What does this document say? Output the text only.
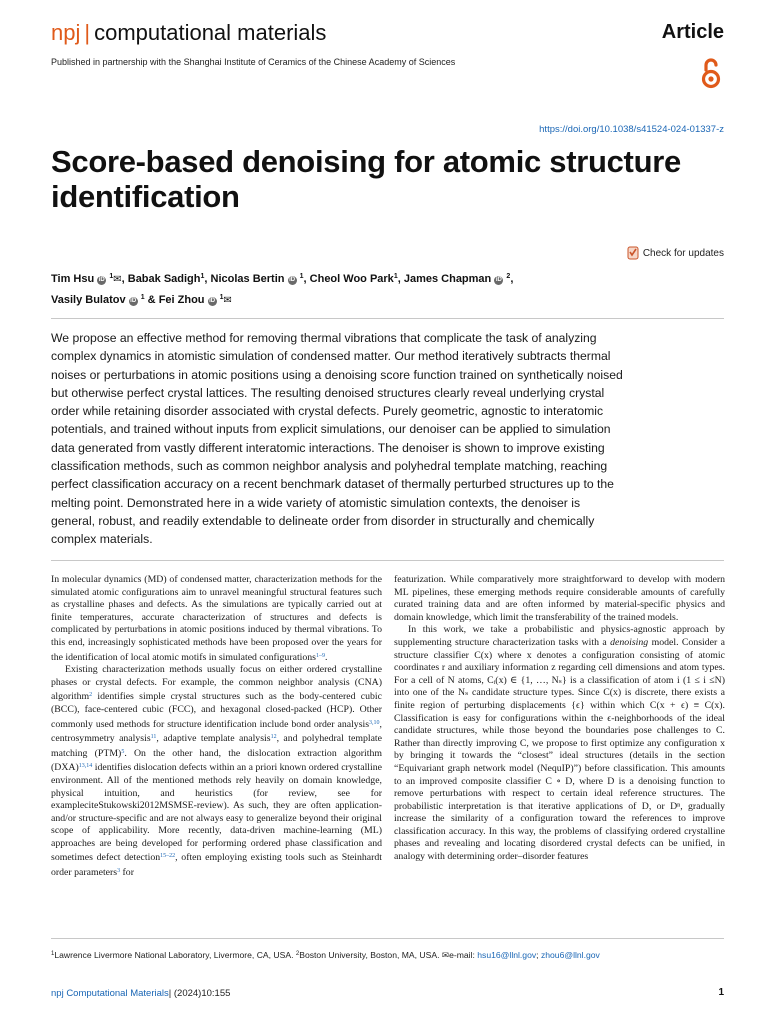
npj | computational materials	Article
Published in partnership with the Shanghai Institute of Ceramics of the Chinese Academy of Sciences
https://doi.org/10.1038/s41524-024-01337-z
Score-based denoising for atomic structure identification
Check for updates
Tim Hsu iD $^1$✉, Babak Sadigh$^1$, Nicolas Bertin iD $^1$, Cheol Woo Park$^1$, James Chapman iD $^2$,
Vasily Bulatov iD $^1$ & Fei Zhou iD $^1$✉
We propose an effective method for removing thermal vibrations that complicate the task of analyzing complex dynamics in atomistic simulation of condensed matter. Our method iteratively subtracts thermal noises or perturbations in atomic positions using a denoising score function trained on synthetically noised but otherwise perfect crystal lattices. The resulting denoised structures clearly reveal underlying crystal order while retaining disorder associated with crystal defects. Purely geometric, agnostic to interatomic potentials, and trained without inputs from explicit simulations, our denoiser can be applied to simulation data generated from vastly different interatomic interactions. The denoiser is shown to improve existing classification methods, such as common neighbor analysis and polyhedral template matching, reaching perfect classification accuracy on a recent benchmark dataset of thermally perturbed structures up to the melting point. Demonstrated here in a wide variety of atomistic simulation contexts, the denoiser is general, robust, and readily extendable to delineate order from disorder in structurally and chemically complex materials.

In molecular dynamics (MD) of condensed matter, characterization methods for the simulated atomic configurations aim to unravel meaningful structural features such as crystalline phases and defects. As the simulations are typically carried out at finite temperatures, accurate characterization of structures and defects is complicated by perturbations in atomic positions induced by thermal vibrations. To this end, increasingly sophisticated methods have been proposed over the years for the identification of local atomic motifs in simulated configurations$^{1-9}$.

Existing characterization methods usually focus on either ordered crystalline phases or crystal defects. For example, the common neighbor analysis (CNA) algorithm$^2$ identifies simple crystal structures such as the body-centered cubic (BCC), face-centered cubic (FCC), and hexagonal closed-packed (HCP). Other commonly used methods for structure identification include bond order analysis$^{3,10}$, centrosymmetry analysis$^{11}$, adaptive template analysis$^{12}$, and polyhedral template matching (PTM)$^5$. On the other hand, the dislocation extraction algorithm (DXA)$^{13,14}$ identifies dislocation defects within an a priori known ordered crystalline environment. All of the mentioned methods rely heavily on domain knowledge, physical intuition, and heuristics (for review, see for exampleciteStukowski2012MSMSE-review). As such, they are often application- and/or structure-specific and are not always easy to generalize beyond their original scope of applicability. More recently, data-driven machine-learning (ML) approaches are being developed for performing ordered phase classification and sometimes defect detection$^{15-22}$, often employing existing tools such as Steinhardt order parameters$^3$ for

featurization. While comparatively more straightforward to develop with modern ML pipelines, these emerging methods require considerable amounts of carefully curated training data and are often informed by material-specific physics and domain knowledge, which limit the transferability of the trained models.

In this work, we take a probabilistic and physics-agnostic approach by supplementing structure characterization tasks with a denoising model. Consider a structure classifier C(x) where x denotes a configuration consisting of atomic coordinates r and auxiliary information z regarding cell dimensions and atom types. For a cell of N atoms, Cᵢ(x) ∈ {1, …, Nₛ} is a classification of atom i (1 ≤ i ≤N) into one of the Nₛ candidate structure types. Since C(x) is discrete, there exists a finite region of perturbing displacements {ϵ} within which C(x + ϵ) ≡ C(x). Classification is easy for configurations within the ϵ-neighborhoods of the ideal candidate structures, while those beyond the boundaries pose challenges to C. Rather than directly improving C, we propose to first optimize any configuration x by bringing it towards the “closest” ideal structures (details in the section “Equivariant graph network model (NequIP)”) before classification. This amounts to an improved composite classifier C ∘ D, where D is a denoising function to remove perturbations with respect to certain ideal reference structures. The probabilistic interpretation is that iterative applications of D, or Dⁿ, gradually increase the similarity of a configuration toward the references to improve classification accuracy. In this way, the problems of classifying ordered crystalline phases and revealing and locating disordered crystal defects can be unified, in analogy with determining order–disorder features

$^1$Lawrence Livermore National Laboratory, Livermore, CA, USA. $^2$Boston University, Boston, MA, USA. ✉e-mail: hsu16@llnl.gov; zhou6@llnl.gov
npj Computational Materials| (2024)10:155	1
